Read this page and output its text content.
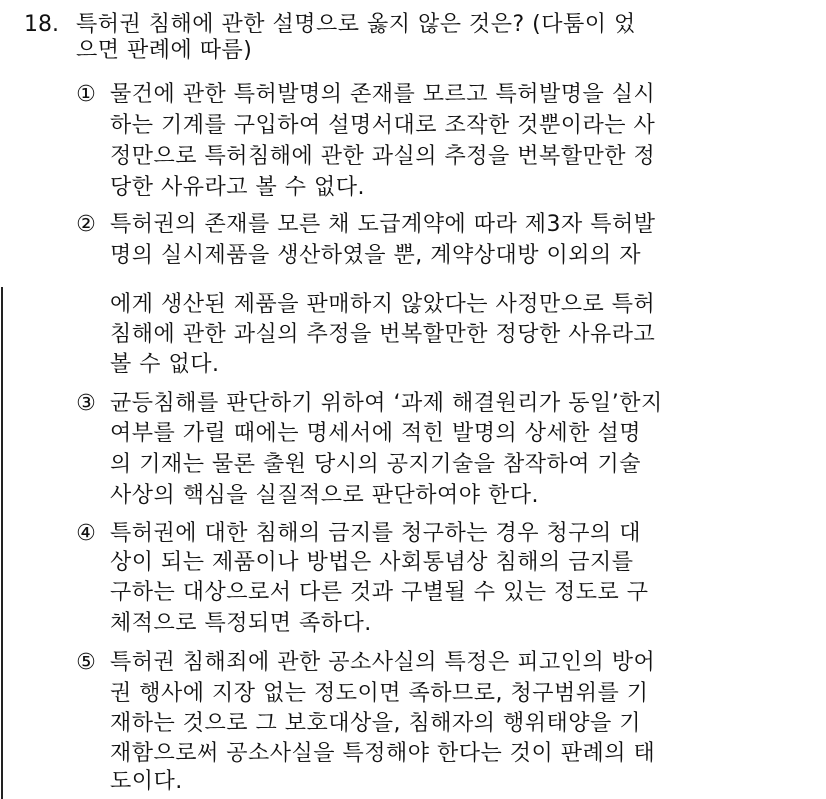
18. 특허권 침해에 관한 설명으로 옳지 않은 것은? (다툼이 었
으면 판례에 따름)
① 물건에 관한 특허발명의 존재를 모르고 특허발명을 실시
하는 기계를 구입하여 설명서대로 조작한 것뿐이라는 사
정만으로 특허침해에 관한 과실의 추정을 번복할만한 정
당한 사유라고 볼 수 없다.
② 특허권의 존재를 모른 채 도급계약에 따라 제3자 특허발
명의 실시제품을 생산하였을 뿐, 계약상대방 이외의 자
에게 생산된 제품을 판매하지 않았다는 사정만으로 특허
침해에 관한 과실의 추정을 번복할만한 정당한 사유라고
볼 수 없다.
③ 균등침해를 판단하기 위하여 ‘과제 해결원리가 동일’한지
여부를 가릴 때에는 명세서에 적힌 발명의 상세한 설명
의 기재는 물론 출원 당시의 공지기술을 참작하여 기술
사상의 핵심을 실질적으로 판단하여야 한다.
④ 특허권에 대한 침해의 금지를 청구하는 경우 청구의 대
상이 되는 제품이나 방법은 사회통념상 침해의 금지를
구하는 대상으로서 다른 것과 구별될 수 있는 정도로 구
체적으로 특정되면 족하다.
⑤ 특허권 침해죄에 관한 공소사실의 특정은 피고인의 방어
권 행사에 지장 없는 정도이면 족하므로, 청구범위를 기
재하는 것으로 그 보호대상을, 침해자의 행위태양을 기
재함으로써 공소사실을 특정해야 한다는 것이 판례의 태
도이다.
